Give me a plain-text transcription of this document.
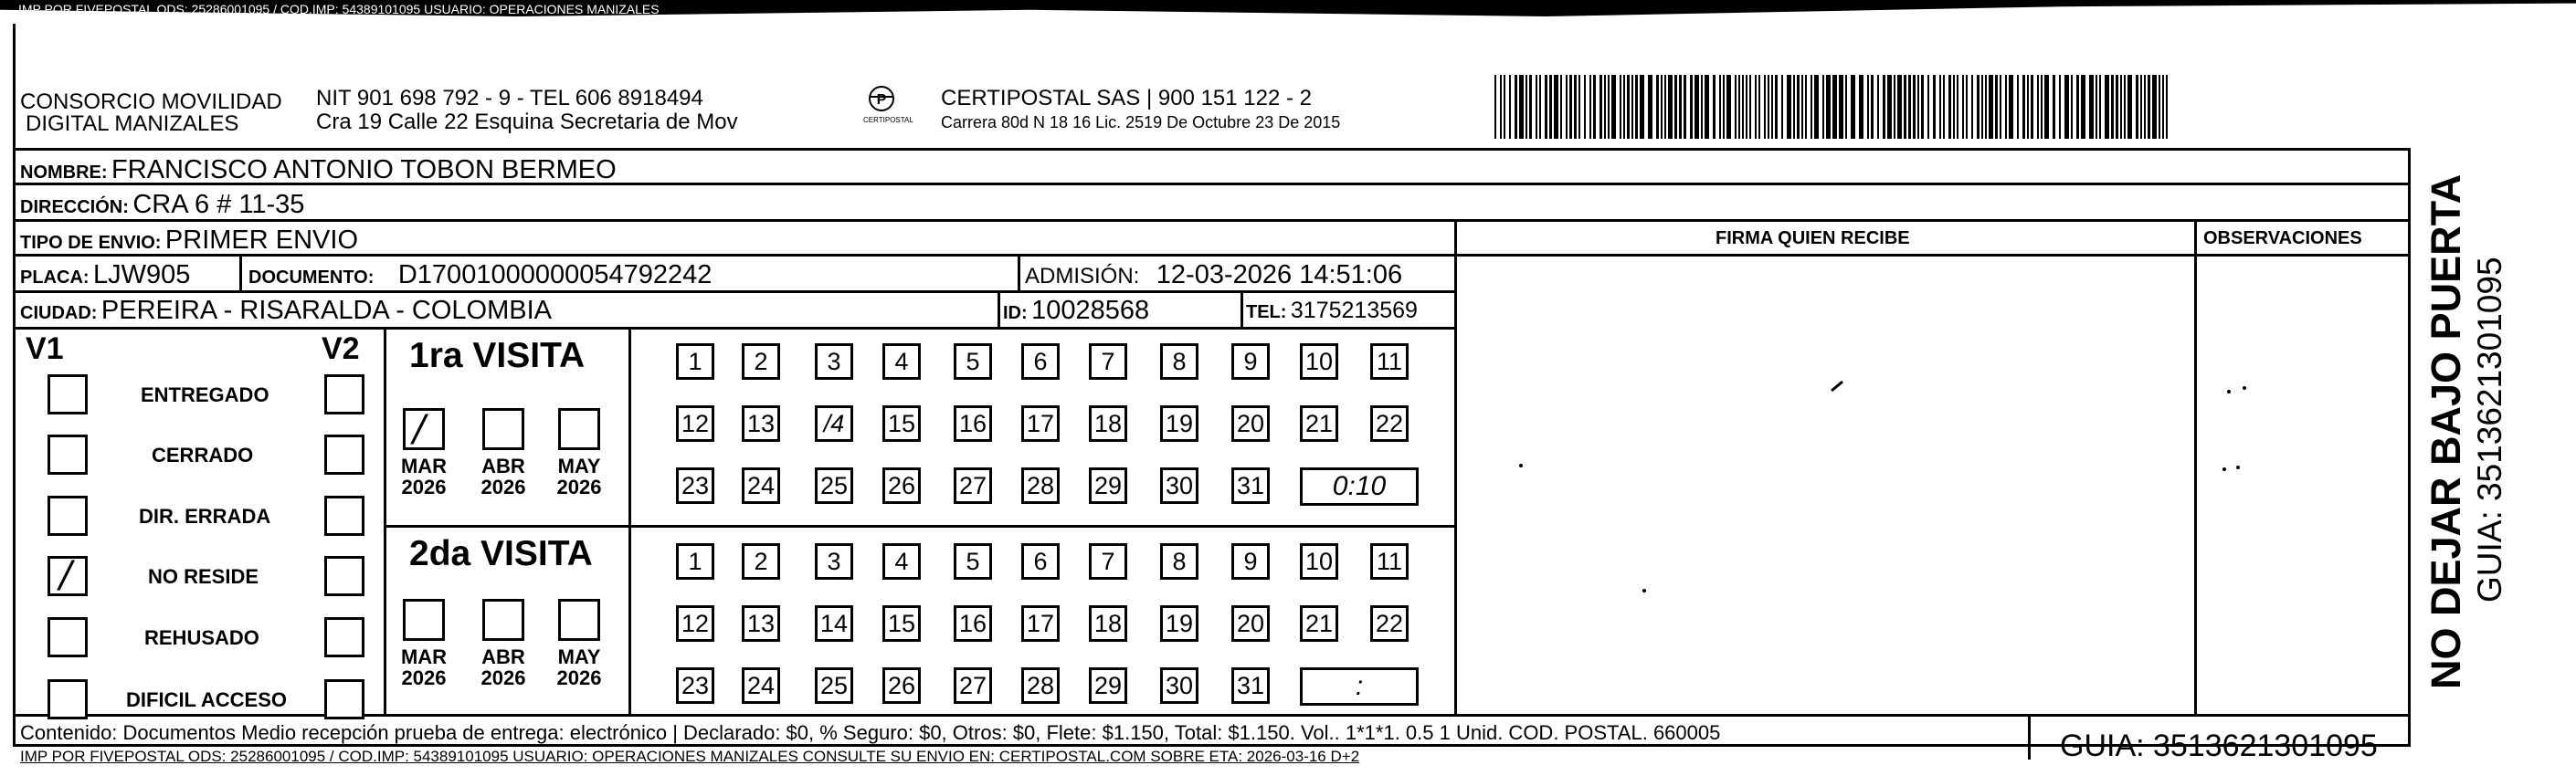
IMP POR FIVEPOSTAL ODS: 25286001095 / COD.IMP: 54389101095 USUARIO: OPERACIONES MANIZALES
CONSORCIO MOVILIDAD
DIGITAL MANIZALES
NIT 901 698 792 - 9 - TEL 606 8918494
Cra 19 Calle 22 Esquina Secretaria de Mov
P
CERTIPOSTAL
CERTIPOSTAL SAS | 900 151 122 - 2
Carrera 80d N 18 16 Lic. 2519 De Octubre 23 De 2015
NOMBRE: FRANCISCO ANTONIO TOBON BERMEO
DIRECCIÓN: CRA 6 # 11-35
TIPO DE ENVIO: PRIMER ENVIO
PLACA: LJW905	DOCUMENTO: D17001000000054792242	ADMISIÓN: 12-03-2026 14:51:06
CIUDAD: PEREIRA - RISARALDA - COLOMBIA	ID: 10028568	TEL: 3175213569
FIRMA QUIEN RECIBE	OBSERVACIONES
V1	V2
ENTREGADO
CERRADO
DIR. ERRADA
/	NO RESIDE
REHUSADO
DIFICIL ACCESO
1ra VISITA
2da VISITA
/
MAR
2026
ABR
2026
MAY
2026
MAR
2026
ABR
2026
MAY
2026
1 2 3 4 5 6 7 8 9 10 11
12 13 /4 15 16 17 18 19 20 21 22
23 24 25 26 27 28 29 30 31 0:10
1 2 3 4 5 6 7 8 9 10 11
12 13 14 15 16 17 18 19 20 21 22
23 24 25 26 27 28 29 30 31	:	NO DEJAR BAJO PUERTA GUIA: 3513621301095
Contenido: Documentos Medio recepción prueba de entrega: electrónico | Declarado: $0, % Seguro: $0, Otros: $0, Flete: $1.150, Total: $1.150. Vol.. 1*1*1. 0.5 1 Unid. COD. POSTAL. 660005
IMP POR FIVEPOSTAL ODS: 25286001095 / COD.IMP: 54389101095 USUARIO: OPERACIONES MANIZALES CONSULTE SU ENVIO EN: CERTIPOSTAL.COM SOBRE ETA: 2026-03-16 D+2	GUIA: 3513621301095
